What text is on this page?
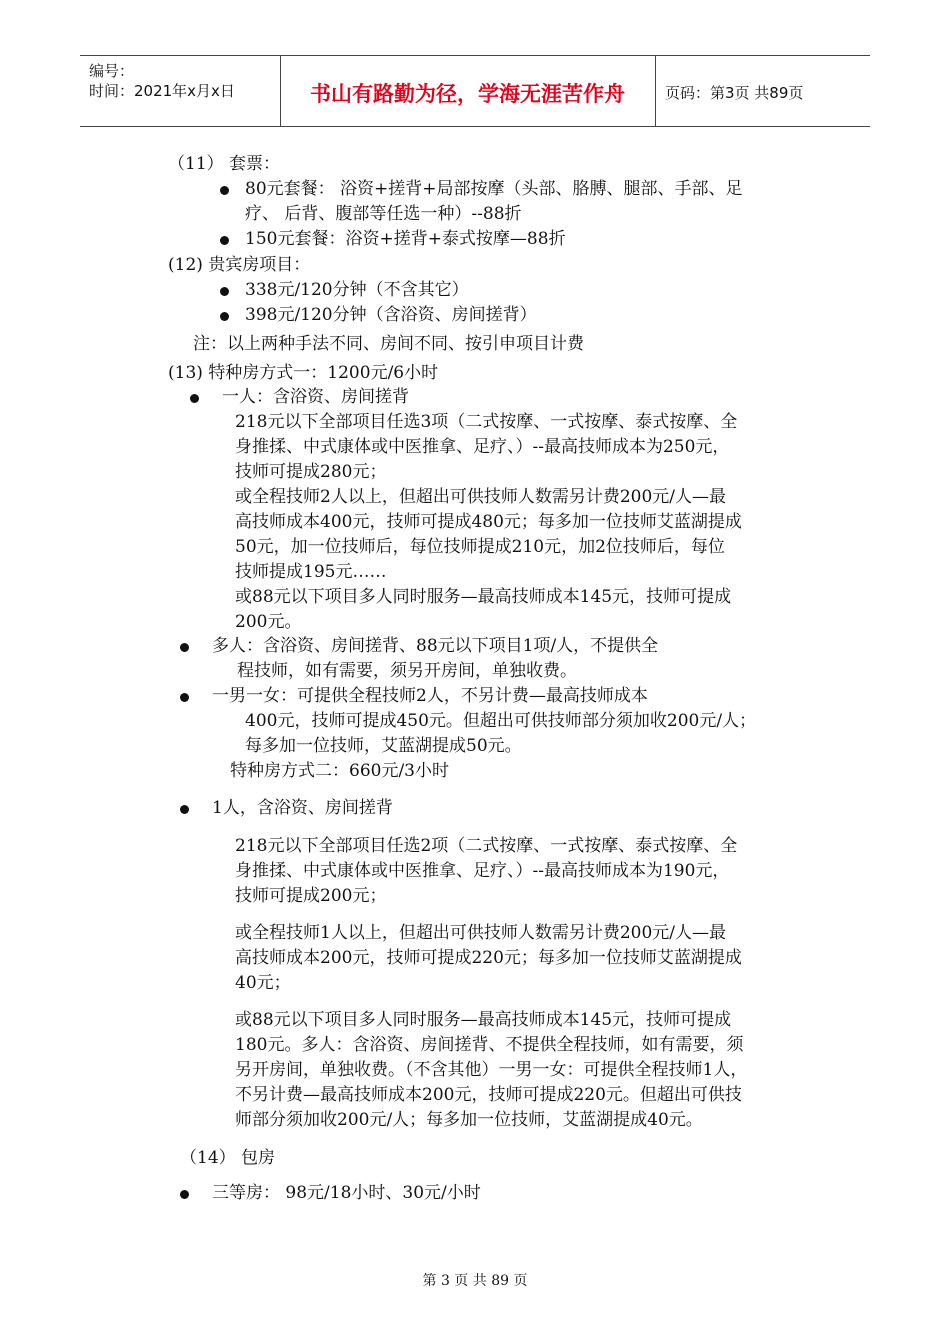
编号：
时间：2021年x月x日	书山有路勤为径，学海无涯苦作舟	页码：第3页 共89页
（11） 套票：
80元套餐： 浴资+搓背+局部按摩（头部、胳膊、腿部、手部、足
疗、 后背、腹部等任选一种）--88折
150元套餐：浴资+搓背+泰式按摩—88折
(12) 贵宾房项目：
338元/120分钟（不含其它）
398元/120分钟（含浴资、房间搓背）
注：以上两种手法不同、房间不同、按引申项目计费
(13) 特种房方式一：1200元/6小时
一人：含浴资、房间搓背
218元以下全部项目任选3项（二式按摩、一式按摩、泰式按摩、全
身推揉、中式康体或中医推拿、足疗、）--最高技师成本为250元，
技师可提成280元；
或全程技师2人以上，但超出可供技师人数需另计费200元/人—最
高技师成本400元，技师可提成480元；每多加一位技师艾蓝湖提成
50元，加一位技师后，每位技师提成210元，加2位技师后，每位
技师提成195元……
或88元以下项目多人同时服务—最高技师成本145元，技师可提成
200元。
多人：含浴资、房间搓背、88元以下项目1项/人，不提供全
程技师，如有需要，须另开房间，单独收费。
一男一女：可提供全程技师2人，不另计费—最高技师成本
400元，技师可提成450元。但超出可供技师部分须加收200元/人；
每多加一位技师，艾蓝湖提成50元。
特种房方式二：660元/3小时
1人，含浴资、房间搓背
218元以下全部项目任选2项（二式按摩、一式按摩、泰式按摩、全
身推揉、中式康体或中医推拿、足疗、）--最高技师成本为190元，
技师可提成200元；
或全程技师1人以上，但超出可供技师人数需另计费200元/人—最
高技师成本200元，技师可提成220元；每多加一位技师艾蓝湖提成
40元；
或88元以下项目多人同时服务—最高技师成本145元，技师可提成
180元。多人：含浴资、房间搓背、不提供全程技师，如有需要，须
另开房间，单独收费。（不含其他）一男一女：可提供全程技师1人，
不另计费—最高技师成本200元，技师可提成220元。但超出可供技
师部分须加收200元/人；每多加一位技师，艾蓝湖提成40元。
（14） 包房
三等房： 98元/18小时、30元/小时
第 3 页 共 89 页
